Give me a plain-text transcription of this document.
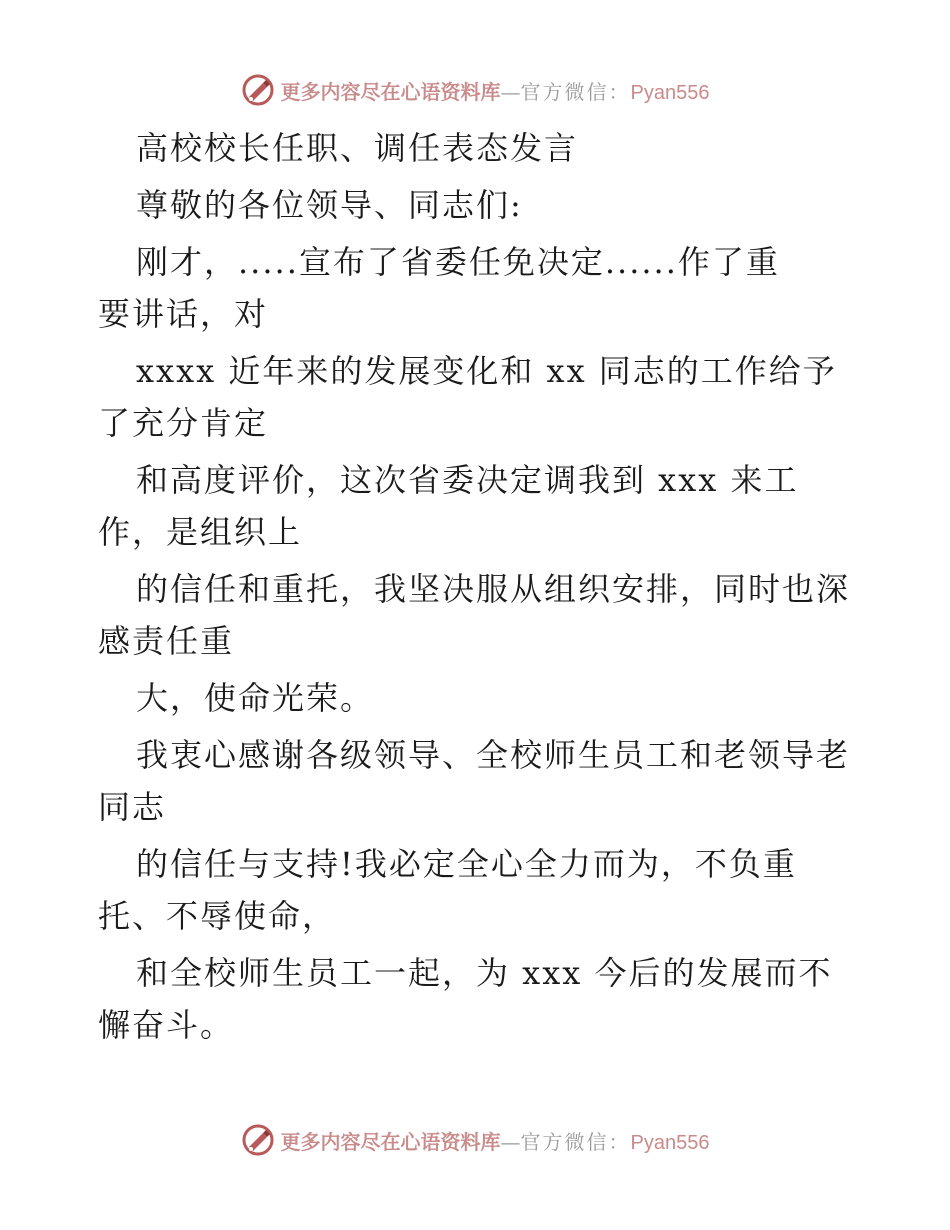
更多内容尽在心语资料库—官方微信：Pyan556
高校校长任职、调任表态发言
尊敬的各位领导、同志们:
刚才，.....宣布了省委任免决定......作了重
要讲话，对
xxxx 近年来的发展变化和 xx 同志的工作给予
了充分肯定
和高度评价，这次省委决定调我到 xxx 来工
作，是组织上
的信任和重托，我坚决服从组织安排，同时也深
感责任重
大，使命光荣。
我衷心感谢各级领导、全校师生员工和老领导老
同志
的信任与支持!我必定全心全力而为，不负重
托、不辱使命，
和全校师生员工一起，为 xxx 今后的发展而不
懈奋斗。
更多内容尽在心语资料库—官方微信：Pyan556
